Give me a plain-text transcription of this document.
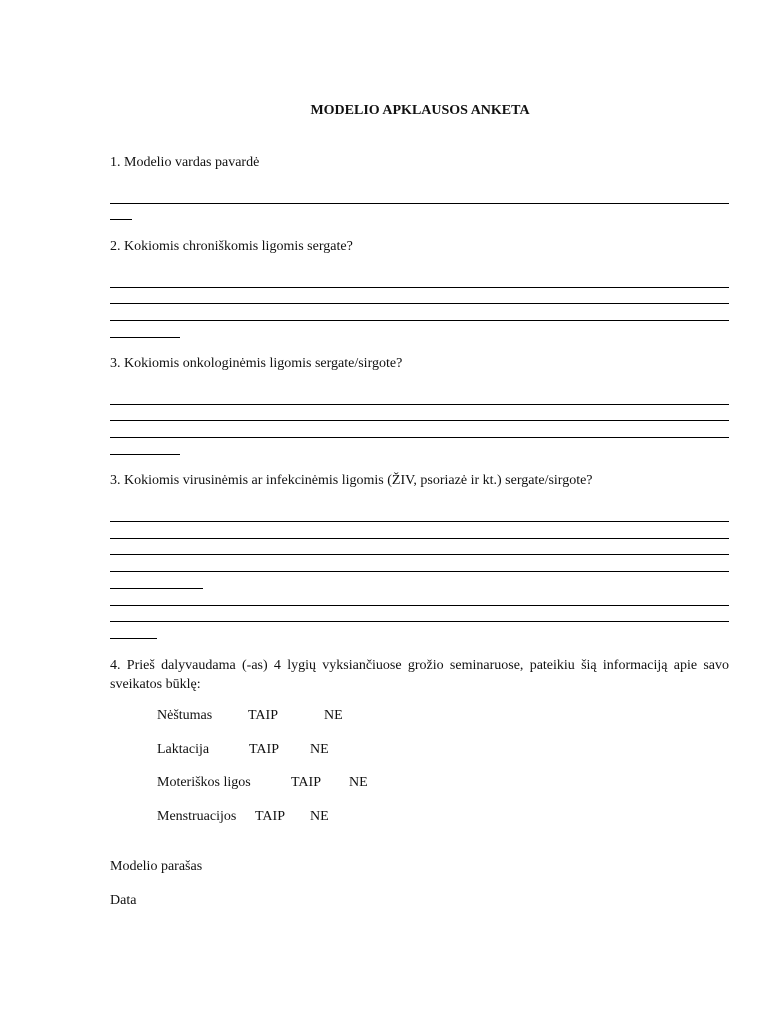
MODELIO APKLAUSOS ANKETA
1. Modelio vardas pavardė
2. Kokiomis chroniškomis ligomis sergate?
3. Kokiomis onkologinėmis ligomis sergate/sirgote?
3. Kokiomis virusinėmis ar infekcinėmis ligomis (ŽIV, psoriazė ir kt.) sergate/sirgote?
4. Prieš dalyvaudama (-as) 4 lygių vyksiančiuose grožio seminaruose, pateikiu šią informaciją apie savo sveikatos būklę:
Nėštumas	TAIP	NE
Laktacija	TAIP NE
Moteriškos ligos	TAIP NE
Menstruacijos TAIP NE
Modelio parašas
Data
